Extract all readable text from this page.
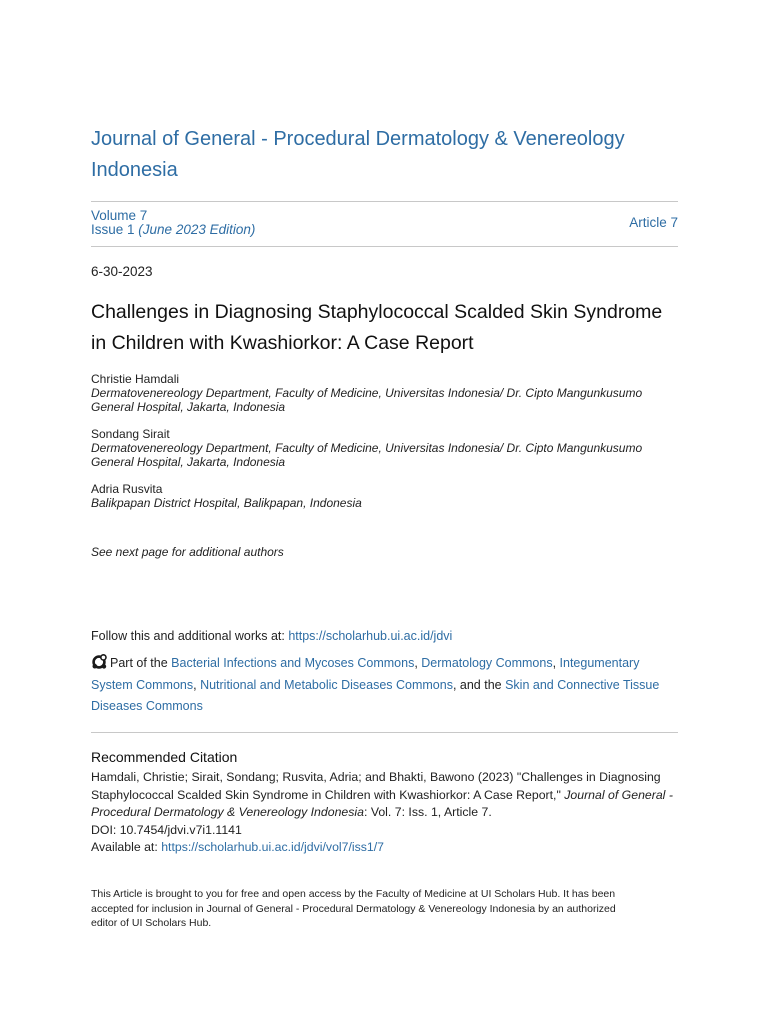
Journal of General - Procedural Dermatology & Venereology
Indonesia
Volume 7
Issue 1 (June 2023 Edition)	Article 7
6-30-2023
Challenges in Diagnosing Staphylococcal Scalded Skin Syndrome
in Children with Kwashiorkor: A Case Report
Christie Hamdali
Dermatovenereology Department, Faculty of Medicine, Universitas Indonesia/ Dr. Cipto Mangunkusumo
General Hospital, Jakarta, Indonesia
Sondang Sirait
Dermatovenereology Department, Faculty of Medicine, Universitas Indonesia/ Dr. Cipto Mangunkusumo
General Hospital, Jakarta, Indonesia
Adria Rusvita
Balikpapan District Hospital, Balikpapan, Indonesia
See next page for additional authors
Follow this and additional works at: https://scholarhub.ui.ac.id/jdvi
Part of the Bacterial Infections and Mycoses Commons, Dermatology Commons, Integumentary
System Commons, Nutritional and Metabolic Diseases Commons, and the Skin and Connective Tissue
Diseases Commons
Recommended Citation
Hamdali, Christie; Sirait, Sondang; Rusvita, Adria; and Bhakti, Bawono (2023) "Challenges in Diagnosing
Staphylococcal Scalded Skin Syndrome in Children with Kwashiorkor: A Case Report," Journal of General -
Procedural Dermatology & Venereology Indonesia: Vol. 7: Iss. 1, Article 7.
DOI: 10.7454/jdvi.v7i1.1141
Available at: https://scholarhub.ui.ac.id/jdvi/vol7/iss1/7
This Article is brought to you for free and open access by the Faculty of Medicine at UI Scholars Hub. It has been
accepted for inclusion in Journal of General - Procedural Dermatology & Venereology Indonesia by an authorized
editor of UI Scholars Hub.
